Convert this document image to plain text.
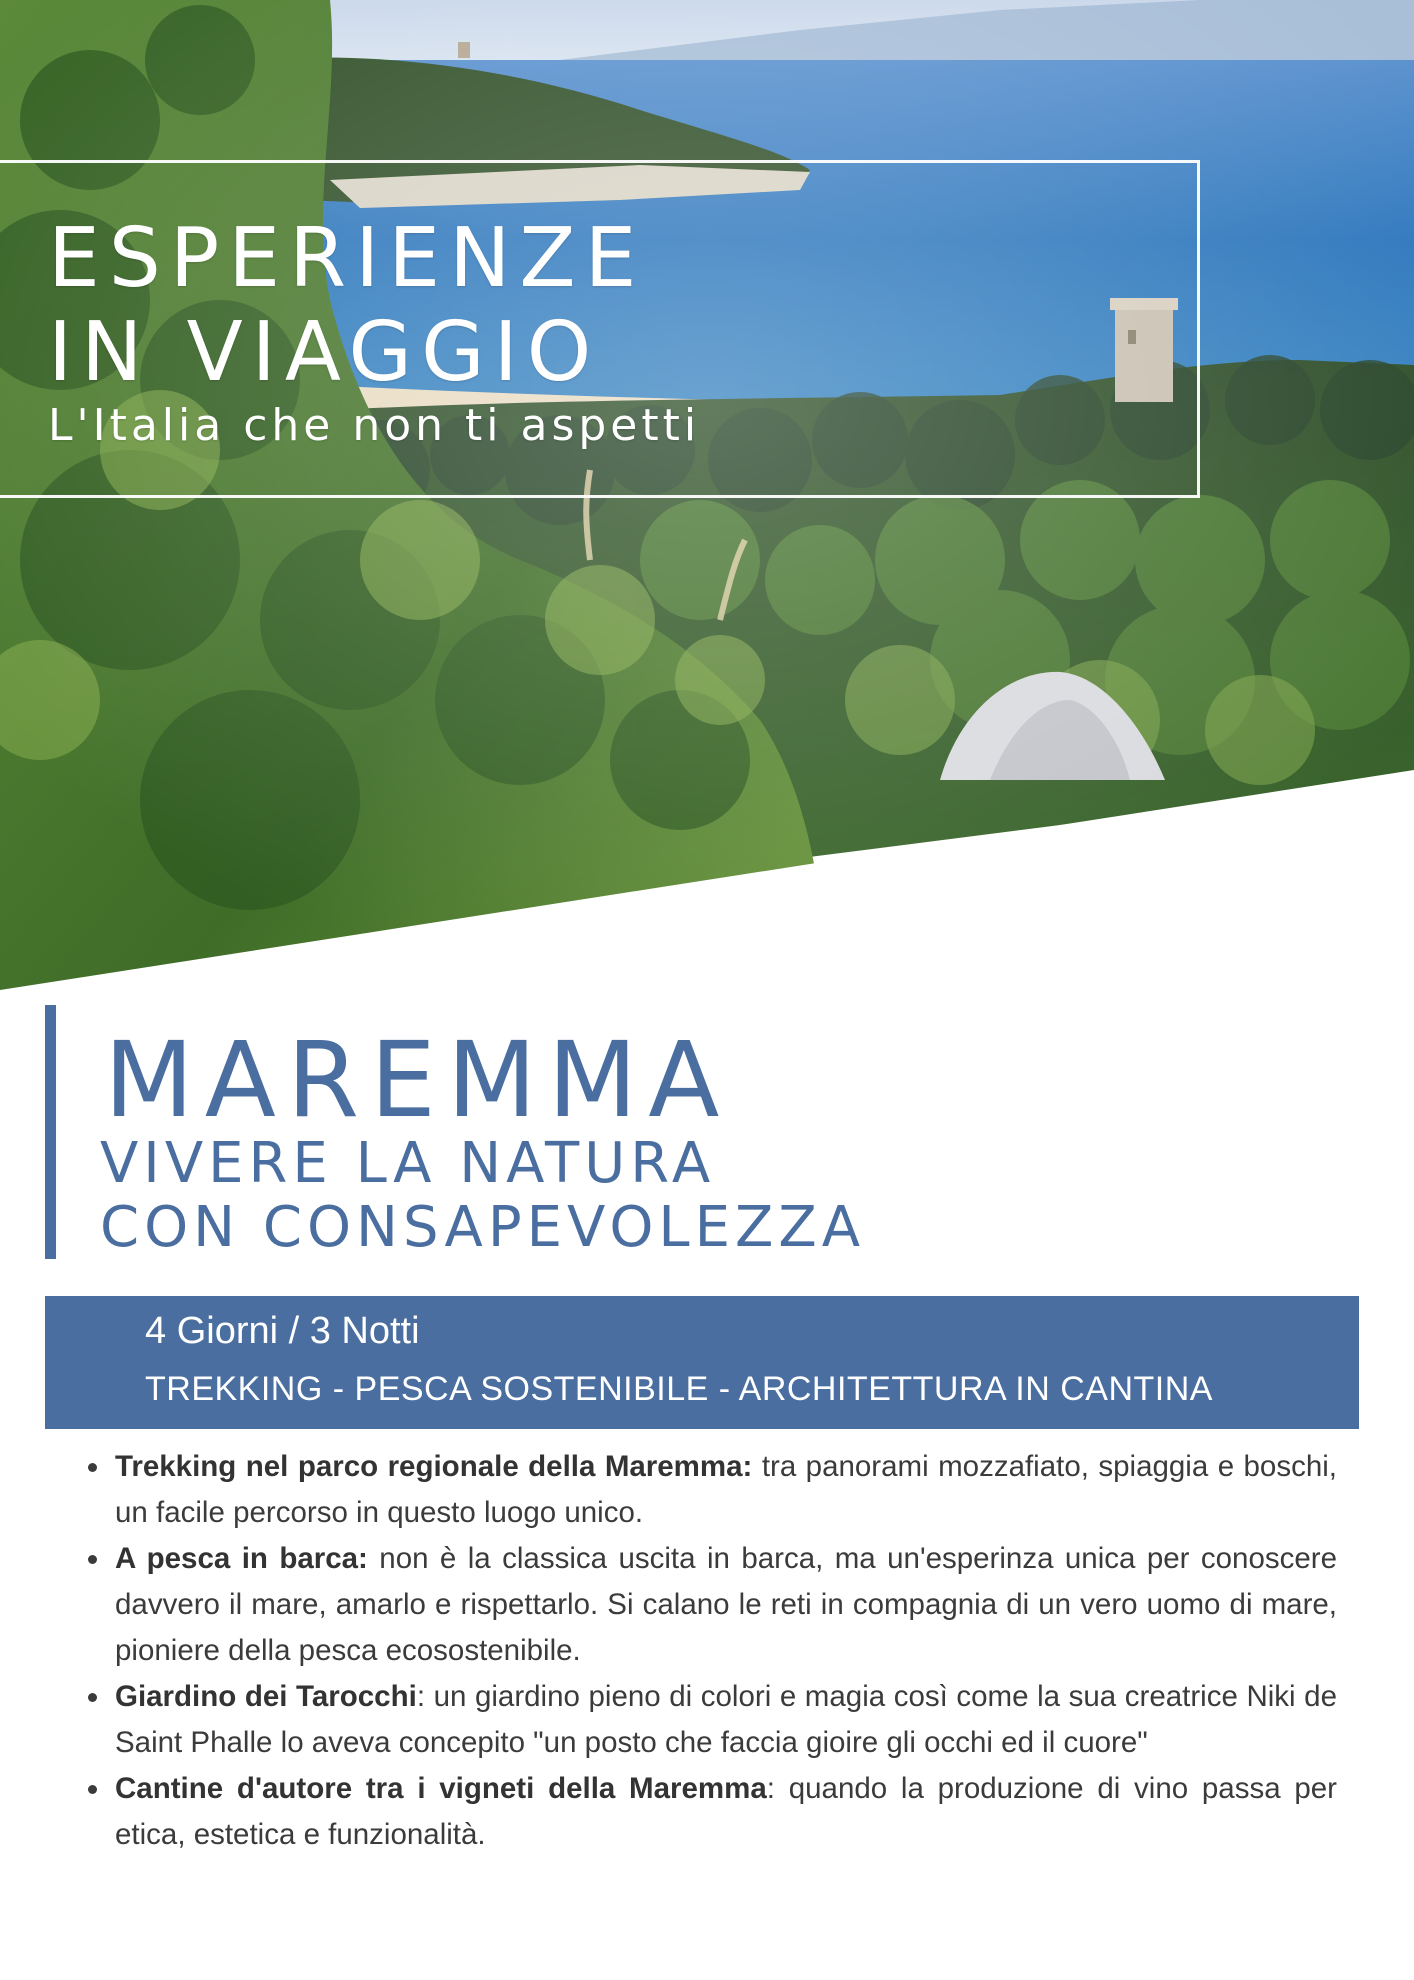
ESPERIENZE
IN VIAGGIO
L'Italia che non ti aspetti
MAREMMA
VIVERE LA NATURA
CON CONSAPEVOLEZZA
4 Giorni / 3 Notti
TREKKING - PESCA SOSTENIBILE - ARCHITETTURA IN CANTINA
Trekking nel parco regionale della Maremma: tra panorami mozzafiato, spiaggia e boschi, un facile percorso in questo luogo unico.
A pesca in barca: non è la classica uscita in barca, ma un'esperinza unica per conoscere davvero il mare, amarlo e rispettarlo. Si calano le reti in compagnia di un vero uomo di mare, pioniere della pesca ecosostenibile.
Giardino dei Tarocchi: un giardino pieno di colori e magia così come la sua creatrice Niki de Saint Phalle lo aveva concepito "un posto che faccia gioire gli occhi ed il cuore"
Cantine d'autore tra i vigneti della Maremma: quando la produzione di vino passa per etica, estetica e funzionalità.
